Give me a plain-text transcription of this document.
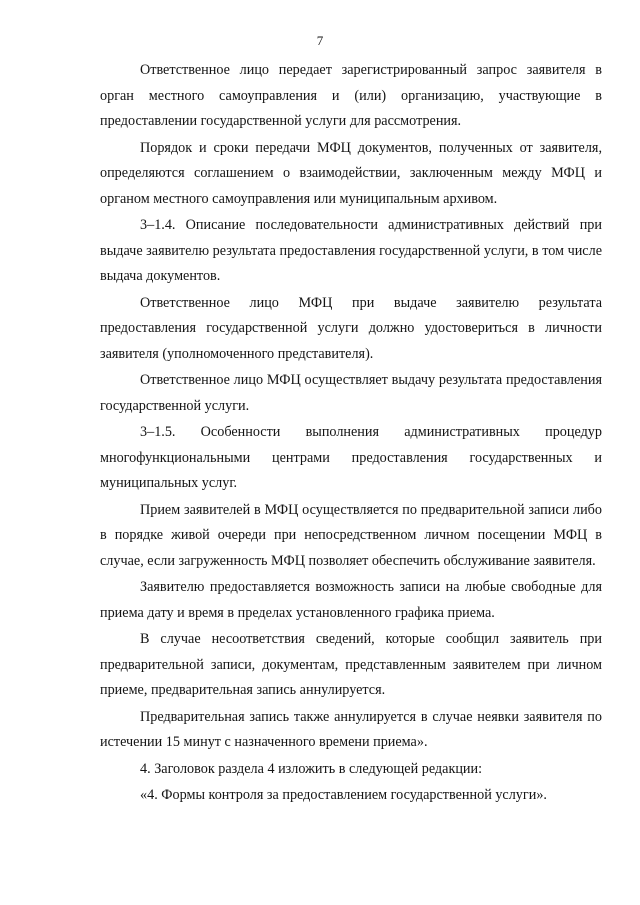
7

Ответственное лицо передает зарегистрированный запрос заявителя в орган местного самоуправления и (или) организацию, участвующие в предоставлении государственной услуги для рассмотрения.

Порядок и сроки передачи МФЦ документов, полученных от заявителя, определяются соглашением о взаимодействии, заключенным между МФЦ и органом местного самоуправления или муниципальным архивом.

3–1.4. Описание последовательности административных действий при выдаче заявителю результата предоставления государственной услуги, в том числе выдача документов.

Ответственное лицо МФЦ при выдаче заявителю результата предоставления государственной услуги должно удостовериться в личности заявителя (уполномоченного представителя).

Ответственное лицо МФЦ осуществляет выдачу результата предоставления государственной услуги.

3–1.5. Особенности выполнения административных процедур многофункциональными центрами предоставления государственных и муниципальных услуг.

Прием заявителей в МФЦ осуществляется по предварительной записи либо в порядке живой очереди при непосредственном личном посещении МФЦ в случае, если загруженность МФЦ позволяет обеспечить обслуживание заявителя.

Заявителю предоставляется возможность записи на любые свободные для приема дату и время в пределах установленного графика приема.

В случае несоответствия сведений, которые сообщил заявитель при предварительной записи, документам, представленным заявителем при личном приеме, предварительная запись аннулируется.

Предварительная запись также аннулируется в случае неявки заявителя по истечении 15 минут с назначенного времени приема».

4. Заголовок раздела 4 изложить в следующей редакции:

«4. Формы контроля за предоставлением государственной услуги».
